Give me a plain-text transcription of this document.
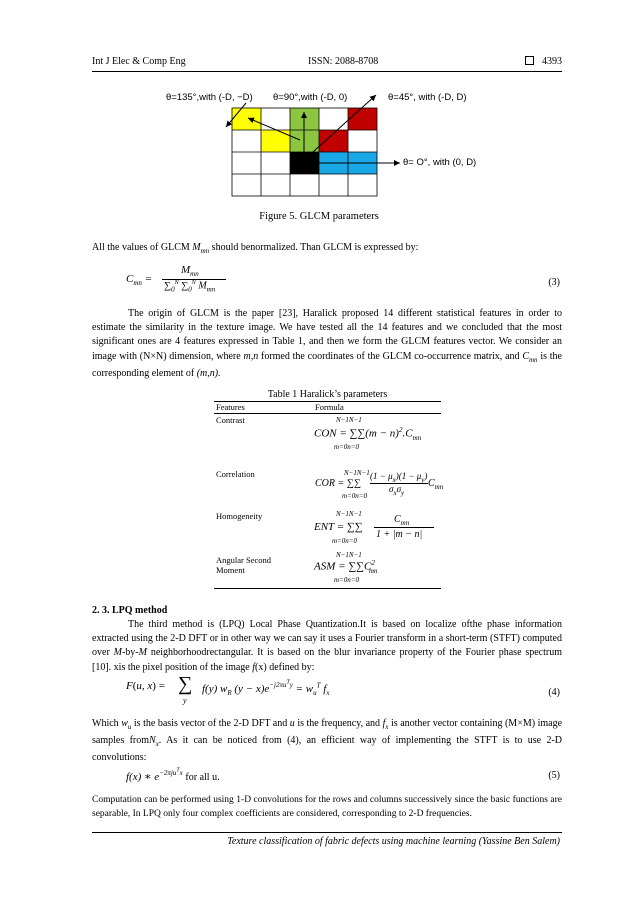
Int J Elec & Comp Eng	ISSN: 2088-8708	4393
θ=135°,with (-D, −D) θ=90°,with (-D, 0)	θ=45°, with (-D, D)
θ= O°, with (0, D)
Figure 5. GLCM parameters
All the values of GLCM $M_{mn}$ should benormalized. Than GLCM is expressed by:
$C_{mn}$ =
$M_{mn}$
$\sum_0^N$ $\sum_0^N$ $M_{mn}$
(3)
The origin of GLCM is the paper [23], Haralick proposed 14 different statistical features in order to estimate the similarity in the texture image. We have tested all the 14 features and we concluded that the most significant ones are 4 features expressed in Table 1, and then we form the GLCM features vector. We consider an image with (N×N) dimension, where m,n formed the coordinates of the GLCM co-occurrence matrix, and $C_{mn}$ is the corresponding element of (m,n).
Table 1 Haralick’s parameters
Features	Formula
Contrast	N−1N−1
CON = $\sum\sum(m - n)^2.C_{mn}$
m=0n=0
Correlation	N−1N−1
COR = ∑∑
$(1 - \mu_x)(1 - \mu_y)$
$\sigma_x\sigma_y$
$C_{mn}$
m=0n=0
Homogeneity	N−1N−1
ENT = ∑∑
$C_{mn}$
1 + |m − n|
m=0n=0
Angular Second
Moment
N−1N−1
ASM = $\sum\sum C^2_{mn}$
m=0n=0
2. 3. LPQ method
The third method is (LPQ) Local Phase Quantization.It is based on localize ofthe phase information extracted using the 2-D DFT or in other way we can say it uses a Fourier transform in a short-term (STFT) computed over M-by-M neighborhoodrectangular. It is based on the blur invariance property of the Fourier phase spectrum [10]. xis the pixel position of the image f(x) defined by:
F(u, x) = ∑
y
f(y) $w_R$ $(y - x)e^{-j2\pi u^Ty} = w_u^T$ $f_x$	(4)
Which $w_u$ is the basis vector of the 2-D DFT and u is the frequency, and $f_x$ is another vector containing (M×M) image samples fromN$_x$. As it can be noticed from (4), an efficient way of implementing the STFT is to use 2-D convolutions:
f(x) ∗ $e^{-2\pi ju^Tx}$ for all u.	(5)
Computation can be performed using 1-D convolutions for the rows and columns successively since the basic functions are separable, In LPQ only four complex coefficients are considered, corresponding to 2-D frequencies.
Texture classification of fabric defects using machine learning (Yassine Ben Salem)
